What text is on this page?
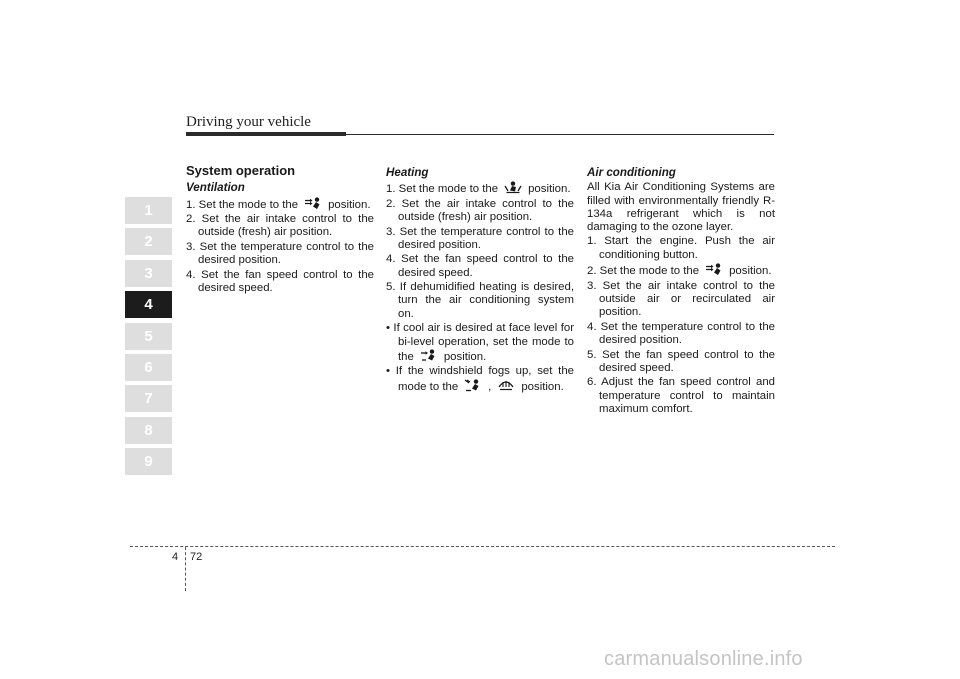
Driving your vehicle
1
2
3
4
5
6
7
8
9
System operation
Ventilation
1. Set the mode to the	position.
2. Set the air intake control to the outside (fresh) air position.
3. Set the temperature control to the desired position.
4. Set the fan speed control to the desired speed.
Heating
1. Set the mode to the	position.
2. Set the air intake control to the outside (fresh) air position.
3. Set the temperature control to the desired position.
4. Set the fan speed control to the desired speed.
5. If dehumidified heating is desired, turn the air conditioning system on.
• If cool air is desired at face level for bi-level operation, set the mode to the	position.
• If the windshield fogs up, set the mode to the	,	position.
Air conditioning
All Kia Air Conditioning Systems are filled with environmentally friendly R-134a refrigerant which is not damaging to the ozone layer.
1. Start the engine. Push the air conditioning button.
2. Set the mode to the	position.
3. Set the air intake control to the outside air or recirculated air position.
4. Set the temperature control to the desired position.
5. Set the fan speed control to the desired speed.
6. Adjust the fan speed control and temperature control to maintain maximum comfort.
4 72
carmanualsonline.info
